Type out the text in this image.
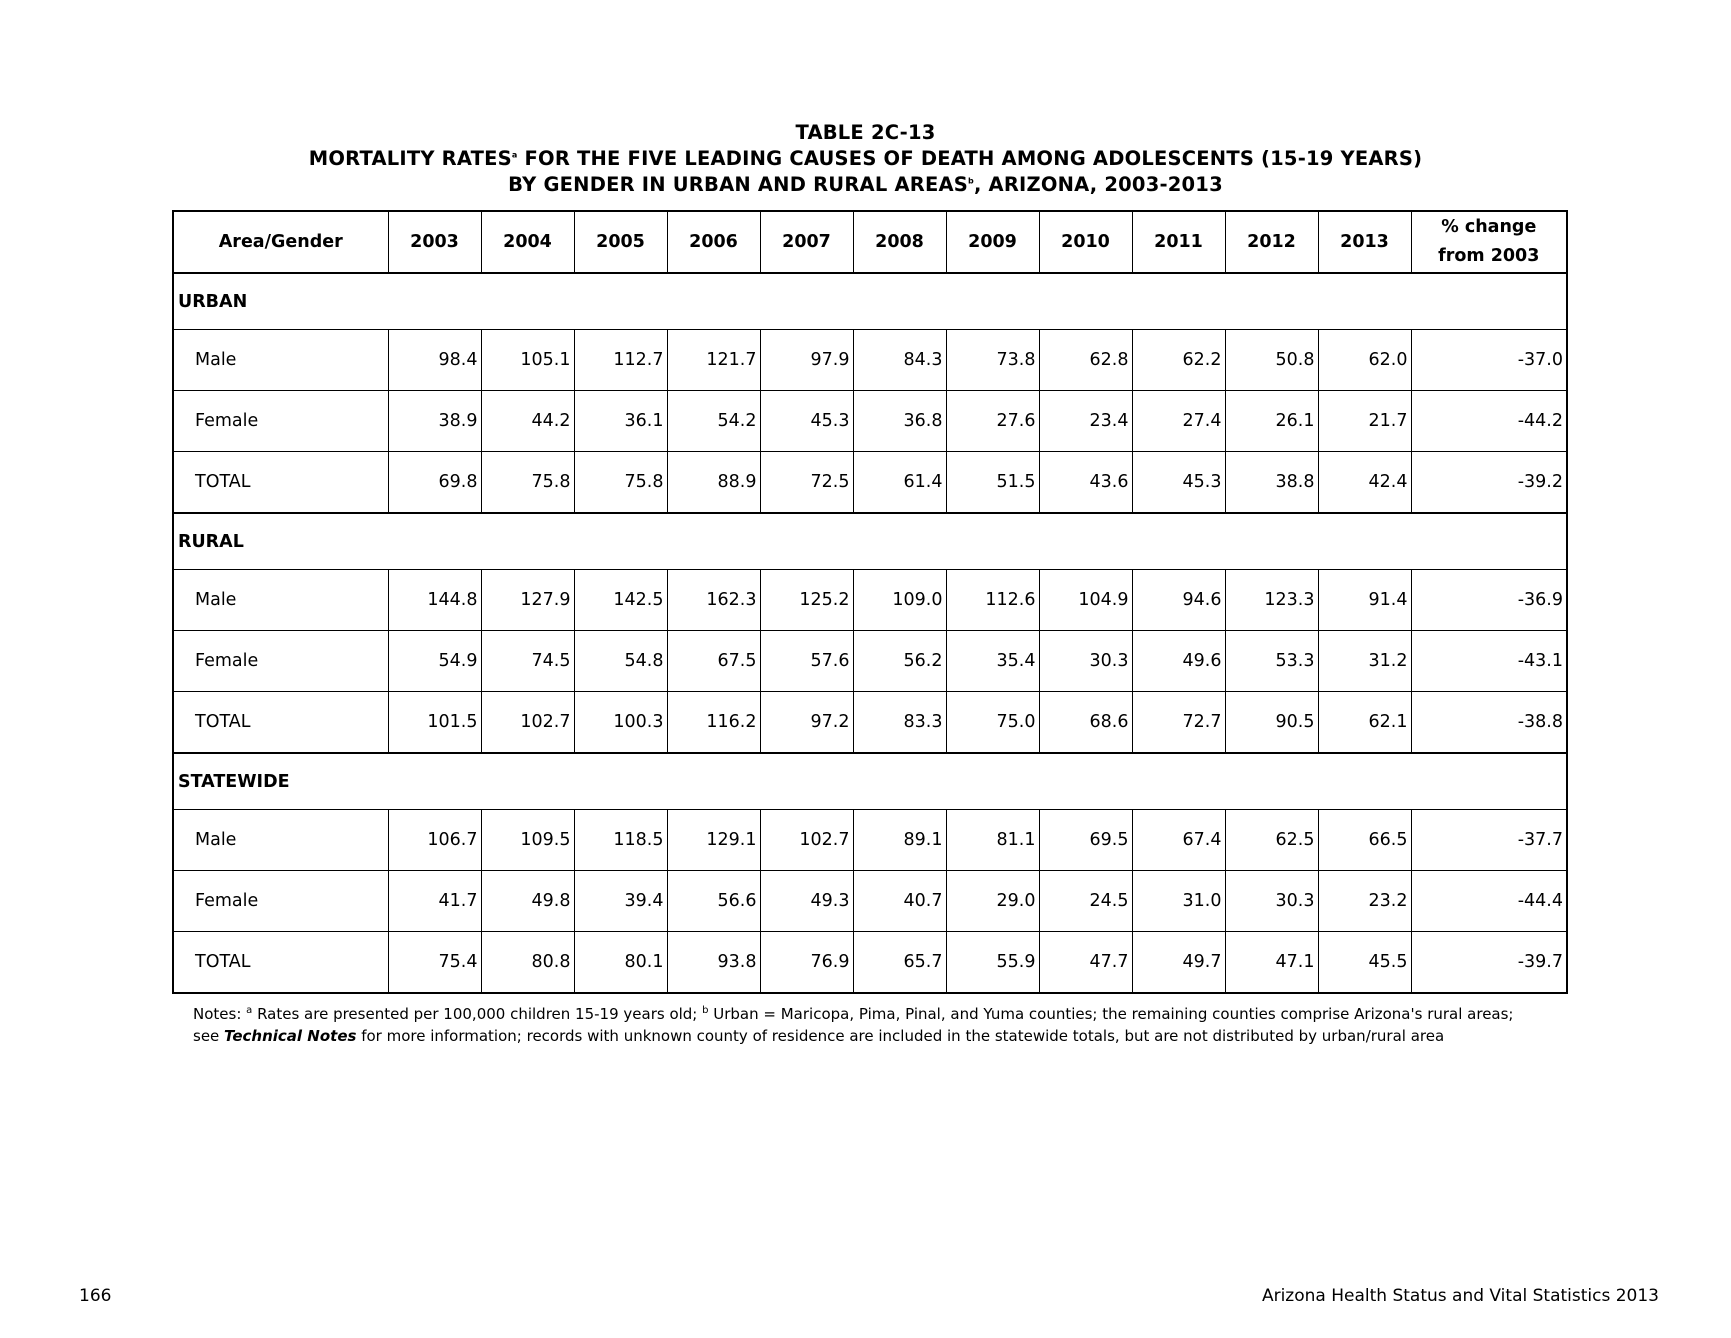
TABLE 2C-13
MORTALITY RATES$^a$ FOR THE FIVE LEADING CAUSES OF DEATH AMONG ADOLESCENTS (15-19 YEARS)
BY GENDER IN URBAN AND RURAL AREAS$^b$, ARIZONA, 2003-2013
Area/Gender	2003	2004	2005	2006	2007	2008	2009	2010	2011	2012	2013	% change
from 2003
URBAN												
Male	98.4	105.1	112.7	121.7	97.9	84.3	73.8	62.8	62.2	50.8	62.0	-37.0
Female	38.9	44.2	36.1	54.2	45.3	36.8	27.6	23.4	27.4	26.1	21.7	-44.2
TOTAL	69.8	75.8	75.8	88.9	72.5	61.4	51.5	43.6	45.3	38.8	42.4	-39.2
RURAL												
Male	144.8	127.9	142.5	162.3	125.2	109.0	112.6	104.9	94.6	123.3	91.4	-36.9
Female	54.9	74.5	54.8	67.5	57.6	56.2	35.4	30.3	49.6	53.3	31.2	-43.1
TOTAL	101.5	102.7	100.3	116.2	97.2	83.3	75.0	68.6	72.7	90.5	62.1	-38.8
STATEWIDE												
Male	106.7	109.5	118.5	129.1	102.7	89.1	81.1	69.5	67.4	62.5	66.5	-37.7
Female	41.7	49.8	39.4	56.6	49.3	40.7	29.0	24.5	31.0	30.3	23.2	-44.4
TOTAL	75.4	80.8	80.1	93.8	76.9	65.7	55.9	47.7	49.7	47.1	45.5	-39.7
Notes: $^a$ Rates are presented per 100,000 children 15-19 years old; $^b$ Urban = Maricopa, Pima, Pinal, and Yuma counties; the remaining counties comprise Arizona's rural areas;
see Technical Notes for more information; records with unknown county of residence are included in the statewide totals, but are not distributed by urban/rural area
166	Arizona Health Status and Vital Statistics 2013
